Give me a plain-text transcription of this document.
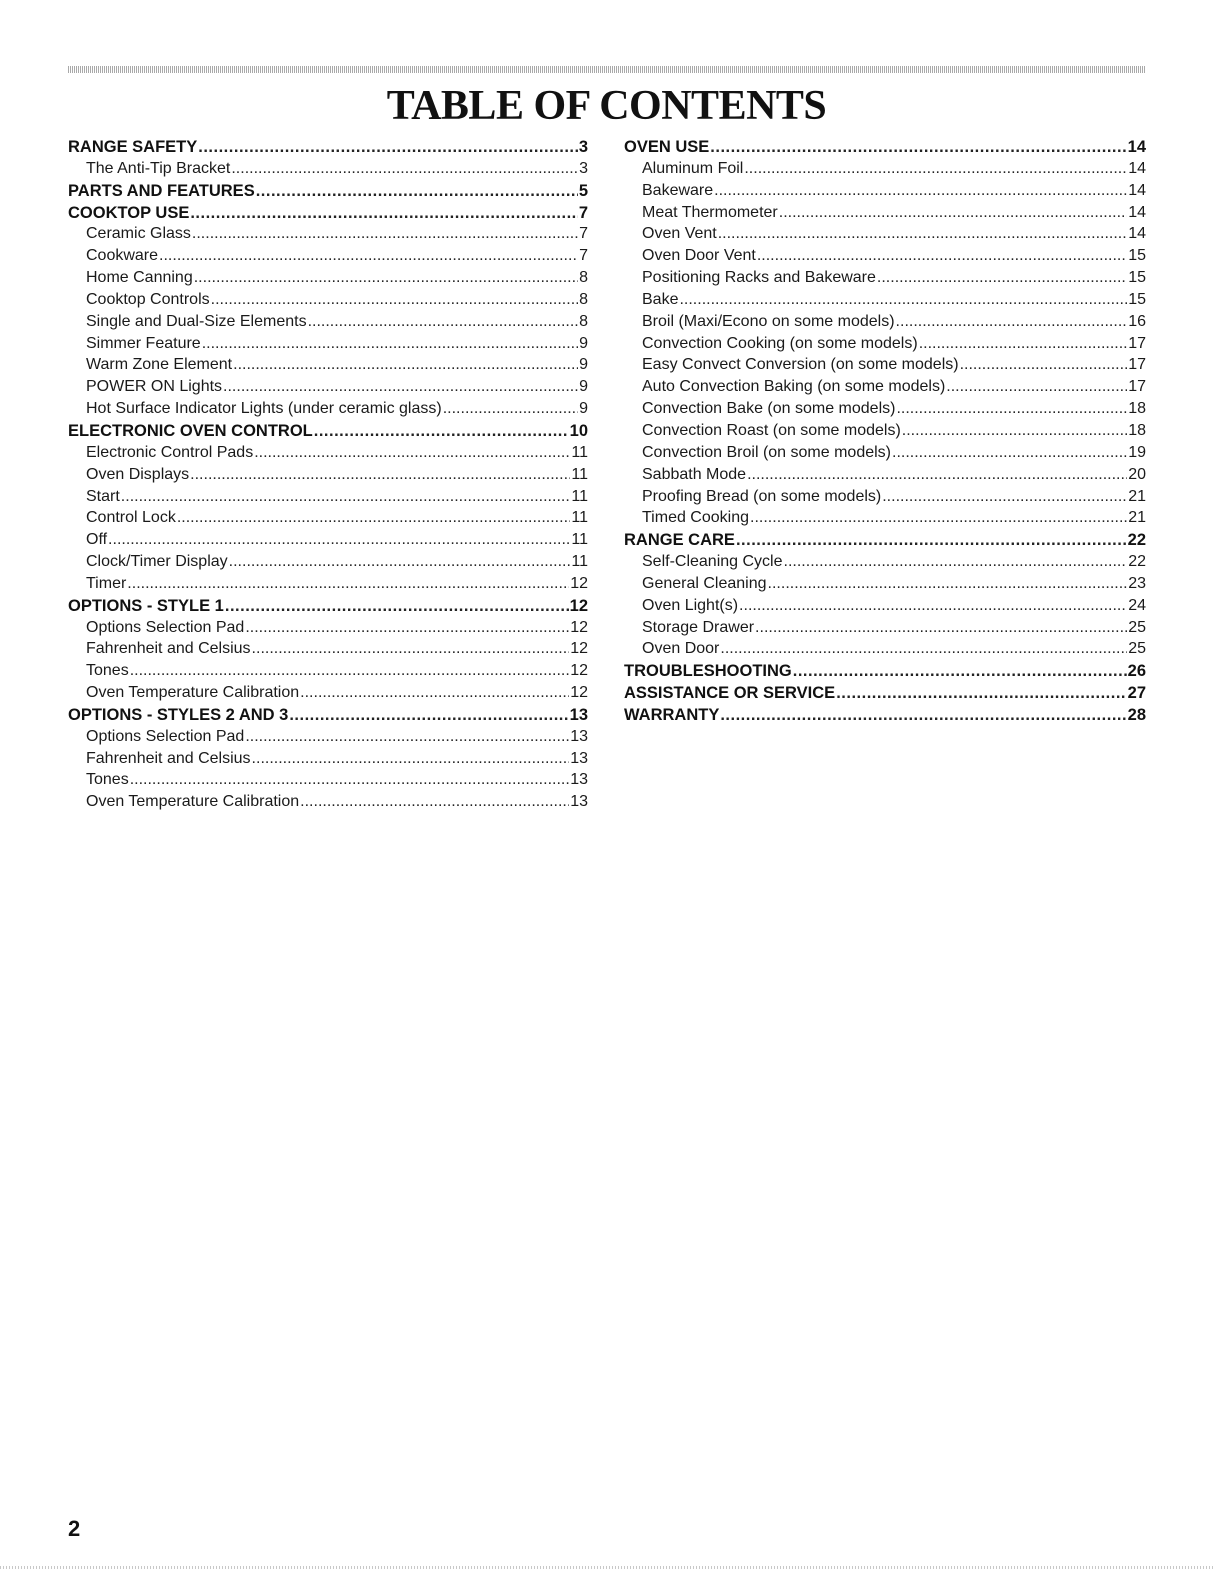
TABLE OF CONTENTS
RANGE SAFETY .....	3
The Anti-Tip Bracket .....	3
PARTS AND FEATURES .....	5
COOKTOP USE .....	7
Ceramic Glass .....	7
Cookware .....	7
Home Canning .....	8
Cooktop Controls .....	8
Single and Dual-Size Elements .....	8
Simmer Feature .....	9
Warm Zone Element .....	9
POWER ON Lights .....	9
Hot Surface Indicator Lights (under ceramic glass) .....	9
ELECTRONIC OVEN CONTROL .....	10
Electronic Control Pads .....	11
Oven Displays .....	11
Start .....	11
Control Lock .....	11
Off .....	11
Clock/Timer Display .....	11
Timer .....	12
OPTIONS - STYLE 1 .....	12
Options Selection Pad .....	12
Fahrenheit and Celsius .....	12
Tones .....	12
Oven Temperature Calibration .....	12
OPTIONS - STYLES 2 AND 3 .....	13
Options Selection Pad .....	13
Fahrenheit and Celsius .....	13
Tones .....	13
Oven Temperature Calibration .....	13
OVEN USE .....	14
Aluminum Foil .....	14
Bakeware .....	14
Meat Thermometer .....	14
Oven Vent .....	14
Oven Door Vent .....	15
Positioning Racks and Bakeware .....	15
Bake .....	15
Broil (Maxi/Econo on some models) .....	16
Convection Cooking (on some models) .....	17
Easy Convect Conversion (on some models) .....	17
Auto Convection Baking (on some models) .....	17
Convection Bake (on some models) .....	18
Convection Roast (on some models) .....	18
Convection Broil (on some models) .....	19
Sabbath Mode .....	20
Proofing Bread (on some models) .....	21
Timed Cooking .....	21
RANGE CARE .....	22
Self-Cleaning Cycle .....	22
General Cleaning .....	23
Oven Light(s) .....	24
Storage Drawer .....	25
Oven Door .....	25
TROUBLESHOOTING .....	26
ASSISTANCE OR SERVICE .....	27
WARRANTY .....	28
2
